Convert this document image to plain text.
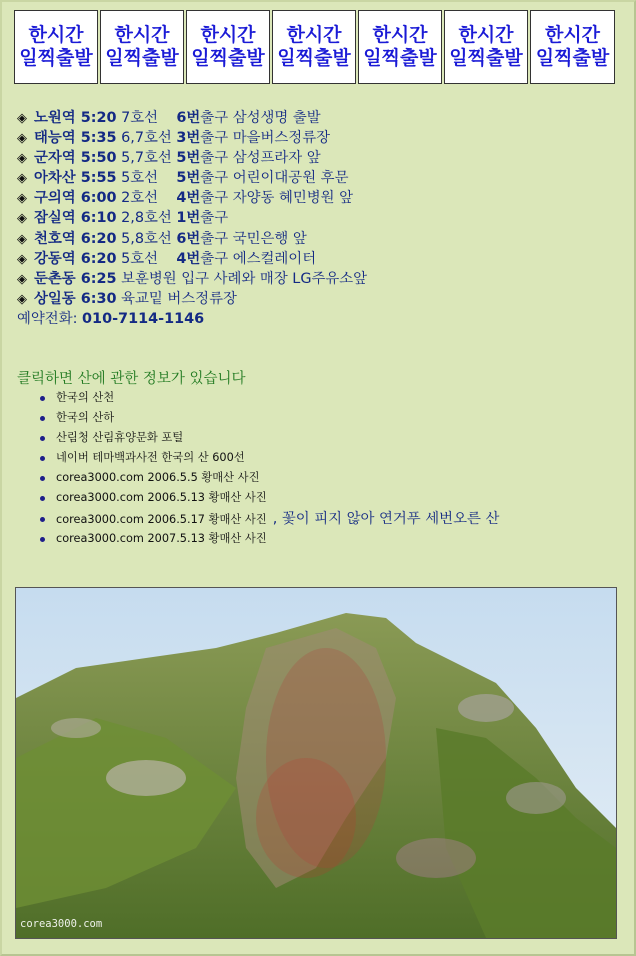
한시간
일찍출발
한시간
일찍출발
한시간
일찍출발
한시간
일찍출발
한시간
일찍출발
한시간
일찍출발
한시간
일찍출발
◈ 노원역 5:20 7호선 6번출구 삼성생명 출발
◈ 태능역 5:35 6,7호선 3번출구 마을버스정류장
◈ 군자역 5:50 5,7호선 5번출구 삼성프라자 앞
◈ 아차산 5:55 5호선 5번출구 어린이대공원 후문
◈ 구의역 6:00 2호선 4번출구 자양동 혜민병원 앞
◈ 잠실역 6:10 2,8호선 1번출구
◈ 천호역 6:20 5,8호선 6번출구 국민은행 앞
◈ 강동역 6:20 5호선 4번출구 에스컬레이터
◈ 둔촌동 6:25 보훈병원 입구 사례와 매장 LG주유소앞
◈ 상일동 6:30 육교밑 버스정류장
예약전화: 010-7114-1146
클릭하면 산에 관한 정보가 있습니다
한국의 산천
한국의 산하
산림청 산림휴양문화 포털
네이버 테마백과사전 한국의 산 600선
corea3000.com 2006.5.5 황매산 사진
corea3000.com 2006.5.13 황매산 사진
corea3000.com 2006.5.17 황매산 사진 , 꽃이 피지 않아 연거푸 세번오른 산
corea3000.com 2007.5.13 황매산 사진
corea3000.com
